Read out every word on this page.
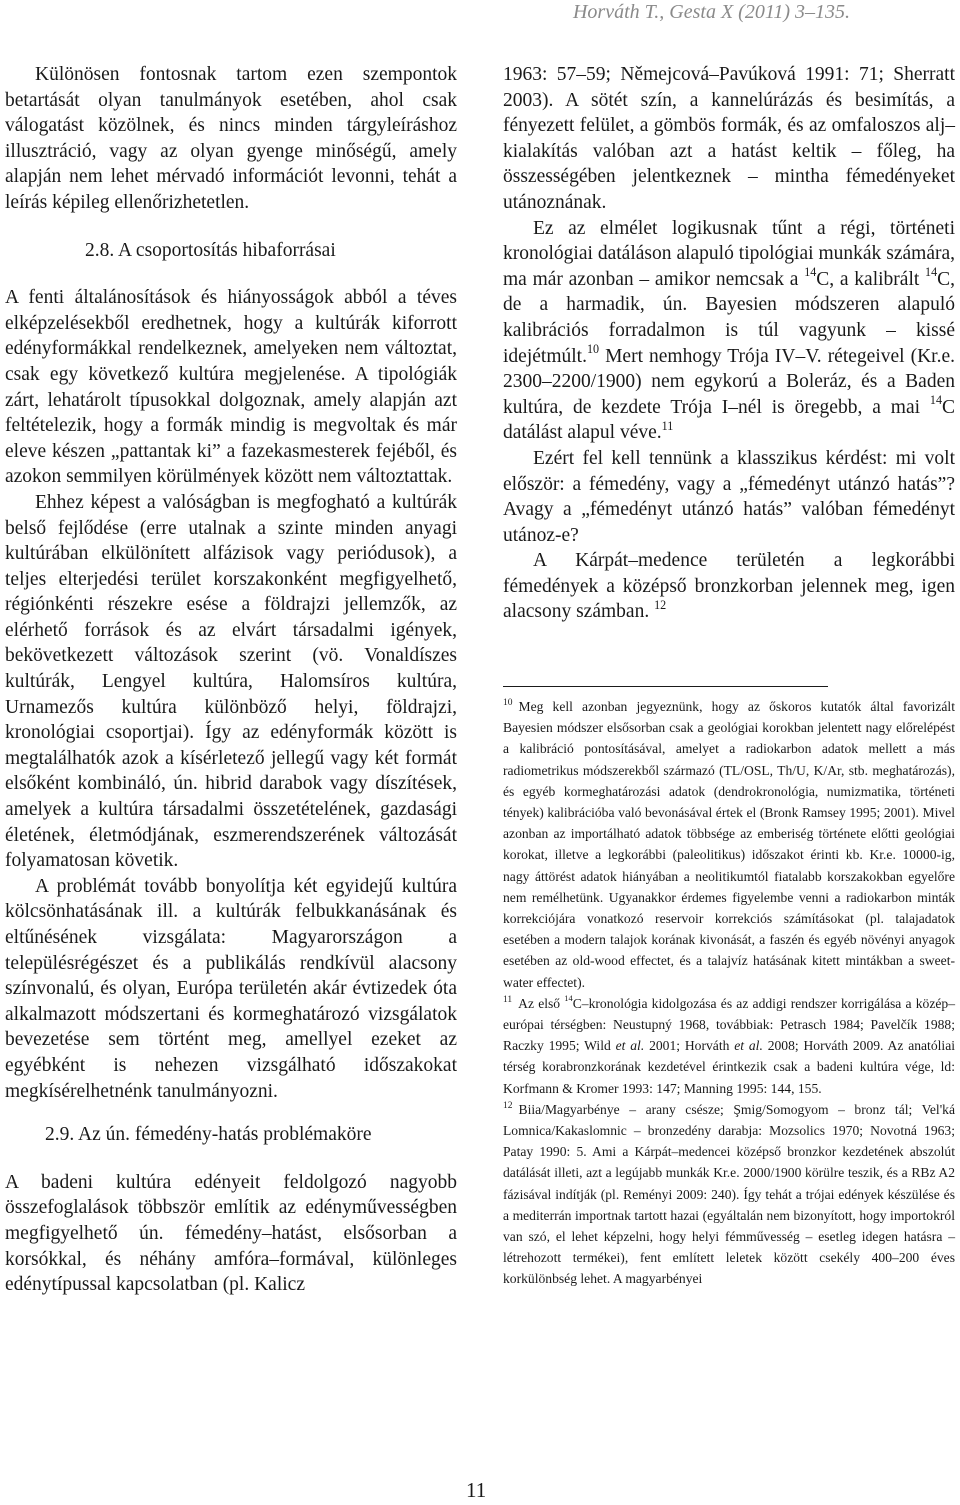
Horváth T., Gesta X (2011) 3–135.

Különösen fontosnak tartom ezen szempontok betartását olyan tanulmányok esetében, ahol csak válogatást közölnek, és nincs minden tárgyleíráshoz illusztráció, vagy az olyan gyenge minőségű, amely alapján nem lehet mérvadó információt levonni, tehát a leírás képileg ellenőrizhetetlen.

2.8. A csoportosítás hibaforrásai

A fenti általánosítások és hiányosságok abból a téves elképzelésekből eredhetnek, hogy a kultúrák kiforrott edényformákkal rendelkeznek, amelyeken nem változtat, csak egy következő kultúra megjelenése. A tipológiák zárt, lehatárolt típusokkal dolgoznak, amely alapján azt feltételezik, hogy a formák mindig is megvoltak és már eleve készen „pattantak ki” a fazekasmesterek fejéből, és azokon semmilyen körülmények között nem változtattak.

Ehhez képest a valóságban is megfogható a kultúrák belső fejlődése (erre utalnak a szinte minden anyagi kultúrában elkülönített alfázisok vagy periódusok), a teljes elterjedési terület korszakonként megfigyelhető, régiónkénti részekre esése a földrajzi jellemzők, az elérhető források és az elvárt társadalmi igények, bekövetkezett változások szerint (vö. Vonaldíszes kultúrák, Lengyel kultúra, Halomsíros kultúra, Urnamezős kultúra különböző helyi, földrajzi, kronológiai csoportjai). Így az edényformák között is megtalálhatók azok a kísérletező jellegű vagy két formát elsőként kombináló, ún. hibrid darabok vagy díszítések, amelyek a kultúra társadalmi összetételének, gazdasági életének, életmódjának, eszmerendszerének változását folyamatosan követik.

A problémát tovább bonyolítja két egyidejű kultúra kölcsönhatásának ill. a kultúrák felbukkanásának és eltűnésének vizsgálata: Magyarországon a településrégészet és a publikálás rendkívül alacsony színvonalú, és olyan, Európa területén akár évtizedek óta alkalmazott módszertani és kormeghatározó vizsgálatok bevezetése sem történt meg, amellyel ezeket az egyébként is nehezen vizsgálható időszakokat megkísérelhetnénk tanulmányozni.

2.9. Az ún. fémedény-hatás problémaköre

A badeni kultúra edényeit feldolgozó nagyobb összefoglalások többször említik az edényművességben megfigyelhető ún. fémedény–hatást, elsősorban a korsókkal, és néhány amfóra–formával, különleges edénytípussal kapcsolatban (pl. Kalicz

1963: 57–59; Němejcová–Pavúková 1991: 71; Sherratt 2003). A sötét szín, a kannelúrázás és besimítás, a fényezett felület, a gömbös formák, és az omfaloszos alj–kialakítás valóban azt a hatást keltik – főleg, ha összességében jelentkeznek – mintha fémedényeket utánoznának.

Ez az elmélet logikusnak tűnt a régi, történeti kronológiai datáláson alapuló tipológiai munkák számára, ma már azonban – amikor nemcsak a $^{14}$C, a kalibrált $^{14}$C, de a harmadik, ún. Bayesien módszeren alapuló kalibrációs forradalmon is túl vagyunk – kissé idejétmúlt.$^{10}$ Mert nemhogy Trója IV–V. rétegeivel (Kr.e. 2300–2200/1900) nem egykorú a Boleráz, és a Baden kultúra, de kezdete Trója I–nél is öregebb, a mai $^{14}$C datálást alapul véve.$^{11}$

Ezért fel kell tennünk a klasszikus kérdést: mi volt először: a fémedény, vagy a „fémedényt utánzó hatás”? Avagy a „fémedényt utánzó hatás” valóban fémedényt utánoz-e?

A Kárpát–medence területén a legkorábbi fémedények a középső bronzkorban jelennek meg, igen alacsony számban. $^{12}$

$^{10}$ Meg kell azonban jegyeznünk, hogy az őskoros kutatók által favorizált Bayesien módszer elsősorban csak a geológiai korokban jelentett nagy előrelépést a kalibráció pontosításával, amelyet a radiokarbon adatok mellett a más radiometrikus módszerekből származó (TL/OSL, Th/U, K/Ar, stb. meghatározás), és egyéb kormeghatározási adatok (dendrokronológia, numizmatika, történeti tények) kalibrációba való bevonásával értek el (Bronk Ramsey 1995; 2001). Mivel azonban az importálható adatok többsége az emberiség története előtti geológiai korokat, illetve a legkorábbi (paleolitikus) időszakot érinti kb. Kr.e. 10000-ig, nagy áttörést adatok hiányában a neolitikumtól fiatalabb korszakokban egyelőre nem remélhetünk. Ugyanakkor érdemes figyelembe venni a radiokarbon minták korrekciójára vonatkozó reservoir korrekciós számításokat (pl. talajadatok esetében a modern talajok korának kivonását, a faszén és egyéb növényi anyagok esetében az old-wood effectet, és a talajvíz hatásának kitett mintákban a sweet-water effectet).

$^{11}$ Az első $^{14}$C–kronológia kidolgozása és az addigi rendszer korrigálása a közép–európai térségben: Neustupný 1968, továbbiak: Petrasch 1984; Pavelčík 1988; Raczky 1995; Wild et al. 2001; Horváth et al. 2008; Horváth 2009. Az anatóliai térség korabronzkorának kezdetével érintkezik csak a badeni kultúra vége, ld: Korfmann & Kromer 1993: 147; Manning 1995: 144, 155.

$^{12}$ Biia/Magyarbénye – arany csésze; Şmig/Somogyom – bronz tál; Vel'ká Lomnica/Kakaslomnic – bronzedény darabja: Mozsolics 1970; Novotná 1963; Patay 1990: 5. Ami a Kárpát–medencei középső bronzkor kezdetének abszolút datálását illeti, azt a legújabb munkák Kr.e. 2000/1900 körülre teszik, és a RBz A2 fázisával indítják (pl. Reményi 2009: 240). Így tehát a trójai edények készülése és a mediterrán importnak tartott hazai (egyáltalán nem bizonyított, hogy importokról van szó, el lehet képzelni, hogy helyi fémművesség – esetleg idegen hatásra – létrehozott termékei), fent említett leletek között csekély 400–200 éves korkülönbség lehet. A magyarbényei

11
